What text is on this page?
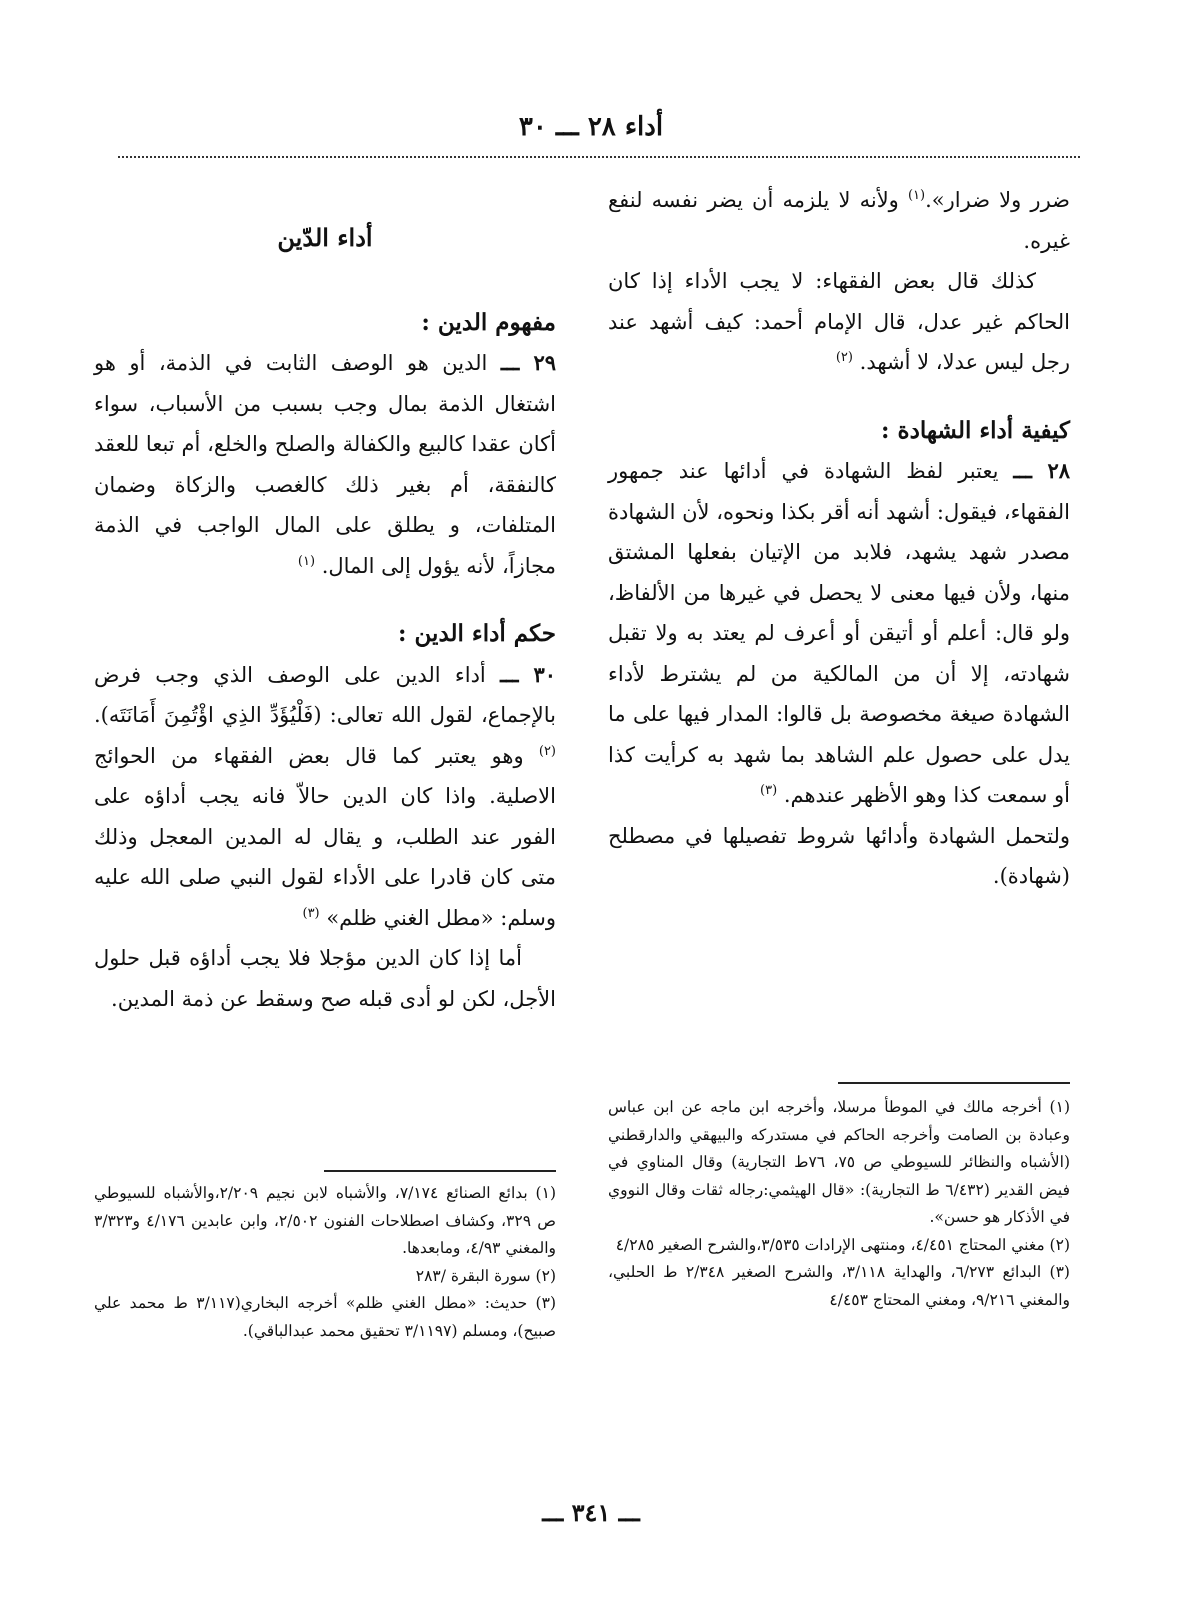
أداء ٢٨ ـــ ٣٠

ضرر ولا ضرار».$^{(١)}$ ولأنه لا يلزمه أن يضر نفسه لنفع غيره.

كذلك قال بعض الفقهاء: لا يجب الأداء إذا كان الحاكم غير عدل، قال الإمام أحمد: كيف أشهد عند رجل ليس عدلا، لا أشهد. $^{(٢)}$

كيفية أداء الشهادة :

٢٨ ـــ يعتبر لفظ الشهادة في أدائها عند جمهور الفقهاء، فيقول: أشهد أنه أقر بكذا ونحوه، لأن الشهادة مصدر شهد يشهد، فلابد من الإتيان بفعلها المشتق منها، ولأن فيها معنى لا يحصل في غيرها من الألفاظ، ولو قال: أعلم أو أتيقن أو أعرف لم يعتد به ولا تقبل شهادته، إلا أن من المالكية من لم يشترط لأداء الشهادة صيغة مخصوصة بل قالوا: المدار فيها على ما يدل على حصول علم الشاهد بما شهد به كرأيت كذا أو سمعت كذا وهو الأظهر عندهم. $^{(٣)}$

ولتحمل الشهادة وأدائها شروط تفصيلها في مصطلح (شهادة).

أداء الدّين
مفهوم الدين :

٢٩ ـــ الدين هو الوصف الثابت في الذمة، أو هو اشتغال الذمة بمال وجب بسبب من الأسباب، سواء أكان عقدا كالبيع والكفالة والصلح والخلع، أم تبعا للعقد كالنفقة، أم بغير ذلك كالغصب والزكاة وضمان المتلفات، و يطلق على المال الواجب في الذمة مجازاً، لأنه يؤول إلى المال. $^{(١)}$

حكم أداء الدين :

٣٠ ـــ أداء الدين على الوصف الذي وجب فرض بالإجماع، لقول الله تعالى: (فَلْيُؤَدِّ الذِي اؤْتُمِنَ أَمَانَتَه).$^{(٢)}$ وهو يعتبر كما قال بعض الفقهاء من الحوائج الاصلية. واذا كان الدين حالاّ فانه يجب أداؤه على الفور عند الطلب، و يقال له المدين المعجل وذلك متى كان قادرا على الأداء لقول النبي صلى الله عليه وسلم: «مطل الغني ظلم» $^{(٣)}$

أما إذا كان الدين مؤجلا فلا يجب أداؤه قبل حلول الأجل، لكن لو أدى قبله صح وسقط عن ذمة المدين.

(١) أخرجه مالك في الموطأ مرسلا، وأخرجه ابن ماجه عن ابن عباس وعبادة بن الصامت وأخرجه الحاكم في مستدركه والبيهقي والدارقطني (الأشباه والنظائر للسيوطي ص ٧٥، ٧٦ط التجارية) وقال المناوي في فيض القدير (٦/٤٣٢ ط التجارية): «قال الهيثمي:رجاله ثقات وقال النووي في الأذكار هو حسن».

(٢) مغني المحتاج ٤/٤٥١، ومنتهى الإرادات ٣/٥٣٥،والشرح الصغير ٤/٢٨٥

(٣) البدائع ٦/٢٧٣، والهداية ٣/١١٨، والشرح الصغير ٢/٣٤٨ ط الحلبي، والمغني ٩/٢١٦، ومغني المحتاج ٤/٤٥٣

(١) بدائع الصنائع ٧/١٧٤، والأشباه لابن نجيم ٢/٢٠٩،والأشباه للسيوطي ص ٣٢٩، وكشاف اصطلاحات الفنون ٢/٥٠٢، وابن عابدين ٤/١٧٦ و٣/٣٢٣ والمغني ٤/٩٣، ومابعدها.

(٢) سورة البقرة /٢٨٣

(٣) حديث: «مطل الغني ظلم» أخرجه البخاري(٣/١١٧ ط محمد علي صبيح)، ومسلم (٣/١١٩٧ تحقيق محمد عبدالباقي).

ـــ ٣٤١ ـــ
